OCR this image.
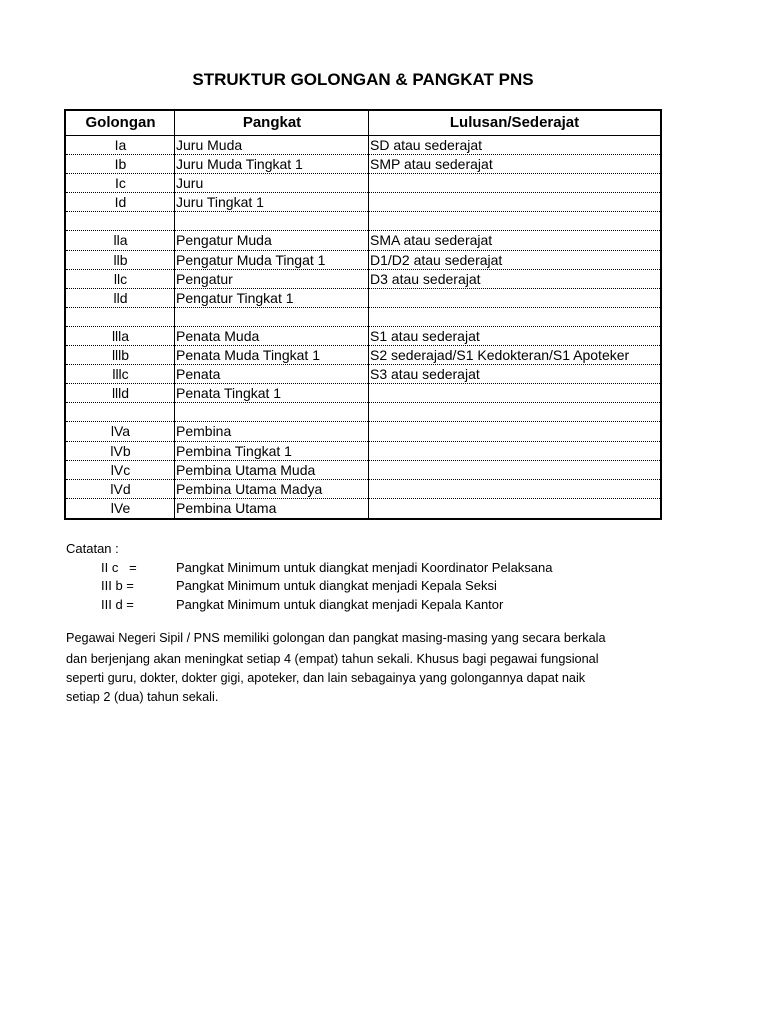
STRUKTUR GOLONGAN & PANGKAT PNS
Golongan	Pangkat	Lulusan/Sederajat
Ia	Juru Muda	SD atau sederajat
Ib	Juru Muda Tingkat 1	SMP atau sederajat
Ic	Juru
Id	Juru Tingkat 1
lla	Pengatur Muda	SMA atau sederajat
llb	Pengatur Muda Tingat 1	D1/D2 atau sederajat
llc	Pengatur	D3 atau sederajat
lld	Pengatur Tingkat 1
llla	Penata Muda	S1 atau sederajat
lllb	Penata Muda Tingkat 1	S2 sederajad/S1 Kedokteran/S1 Apoteker
lllc	Penata	S3 atau sederajat
llld	Penata Tingkat 1
lVa	Pembina
lVb	Pembina Tingkat 1
lVc	Pembina Utama Muda
lVd	Pembina Utama Madya
lVe	Pembina Utama
Catatan :
II c   =	Pangkat Minimum untuk diangkat menjadi Koordinator Pelaksana
III b =	Pangkat Minimum untuk diangkat menjadi Kepala Seksi
III d =	Pangkat Minimum untuk diangkat menjadi Kepala Kantor
Pegawai Negeri Sipil / PNS memiliki golongan dan pangkat masing-masing yang secara berkala
dan berjenjang akan meningkat setiap 4 (empat) tahun sekali. Khusus bagi pegawai fungsional
seperti guru, dokter, dokter gigi, apoteker, dan lain sebagainya yang golongannya dapat naik
setiap 2 (dua) tahun sekali.
